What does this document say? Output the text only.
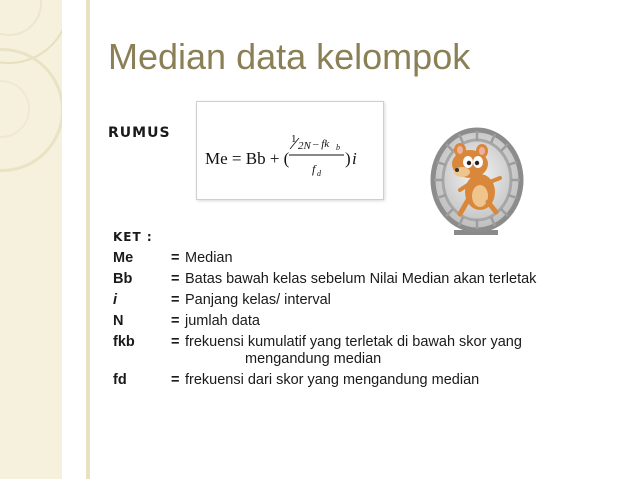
Median data kelompok
RUMUS
Me = Bb + (
1
2N – fk b
f d
) i
KET :
Me	= Median
Bb	= Batas bawah kelas sebelum Nilai Median akan terletak
i	= Panjang kelas/ interval
N	= jumlah data
fkb	= frekuensi kumulatif yang terletak di bawah skor yang
mengandung median
fd	= frekuensi dari skor yang mengandung median
